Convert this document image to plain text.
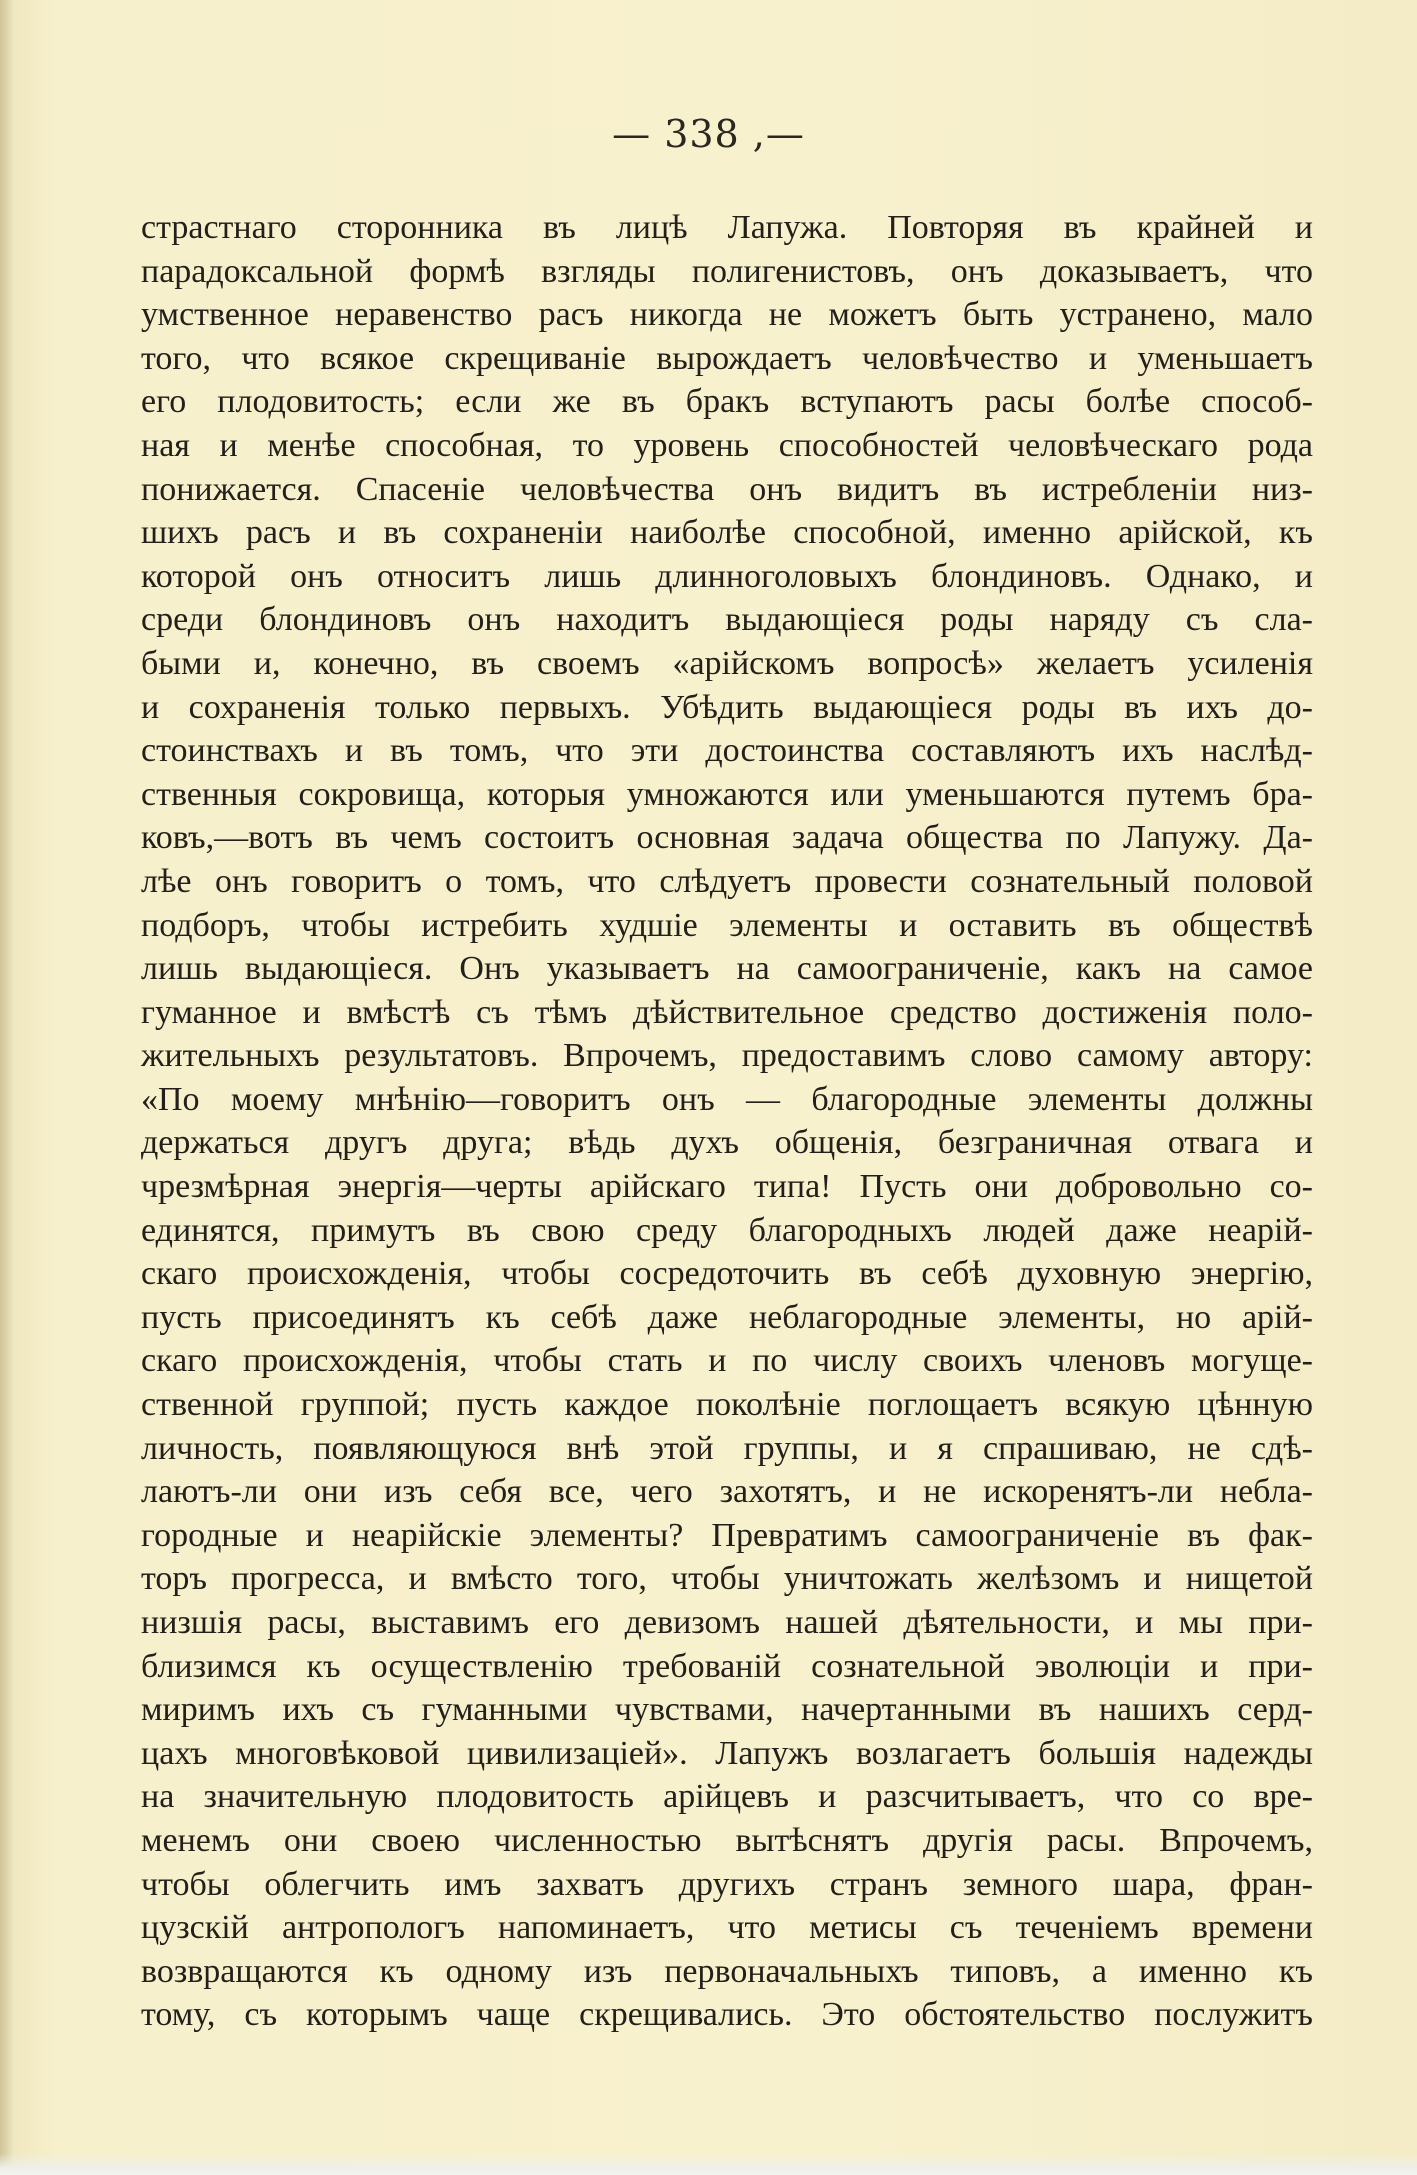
— 338 ,—
страстнаго сторонника въ лицѣ Лапужа. Повторяя въ крайней и
парадоксальной формѣ взгляды полигенистовъ, онъ доказываетъ, что
умственное неравенство расъ никогда не можетъ быть устранено, мало
того, что всякое скрещиваніе вырождаетъ человѣчество и уменьшаетъ
его плодовитость; если же въ бракъ вступаютъ расы болѣе способ-
ная и менѣе способная, то уровень способностей человѣческаго рода
понижается. Спасеніе человѣчества онъ видитъ въ истребленіи низ-
шихъ расъ и въ сохраненіи наиболѣе способной, именно арійской, къ
которой онъ относитъ лишь длинноголовыхъ блондиновъ. Однако, и
среди блондиновъ онъ находитъ выдающіеся роды наряду съ сла-
быми и, конечно, въ своемъ «арійскомъ вопросѣ» желаетъ усиленія
и сохраненія только первыхъ. Убѣдить выдающіеся роды въ ихъ до-
стоинствахъ и въ томъ, что эти достоинства составляютъ ихъ наслѣд-
ственныя сокровища, которыя умножаются или уменьшаются путемъ бра-
ковъ,—вотъ въ чемъ состоитъ основная задача общества по Лапужу. Да-
лѣе онъ говоритъ о томъ, что слѣдуетъ провести сознательный половой
подборъ, чтобы истребить худшіе элементы и оставить въ обществѣ
лишь выдающіеся. Онъ указываетъ на самоограниченіе, какъ на самое
гуманное и вмѣстѣ съ тѣмъ дѣйствительное средство достиженія поло-
жительныхъ результатовъ. Впрочемъ, предоставимъ слово самому автору:
«По моему мнѣнію—говоритъ онъ — благородные элементы должны
держаться другъ друга; вѣдь духъ общенія, безграничная отвага и
чрезмѣрная энергія—черты арійскаго типа! Пусть они добровольно со-
единятся, примутъ въ свою среду благородныхъ людей даже неарій-
скаго происхожденія, чтобы сосредоточить въ себѣ духовную энергію,
пусть присоединятъ къ себѣ даже неблагородные элементы, но арій-
скаго происхожденія, чтобы стать и по числу своихъ членовъ могуще-
ственной группой; пусть каждое поколѣніе поглощаетъ всякую цѣнную
личность, появляющуюся внѣ этой группы, и я спрашиваю, не сдѣ-
лаютъ-ли они изъ себя все, чего захотятъ, и не искоренятъ-ли небла-
городные и неарійскіе элементы? Превратимъ самоограниченіе въ фак-
торъ прогресса, и вмѣсто того, чтобы уничтожать желѣзомъ и нищетой
низшія расы, выставимъ его девизомъ нашей дѣятельности, и мы при-
близимся къ осуществленію требованій сознательной эволюціи и при-
миримъ ихъ съ гуманными чувствами, начертанными въ нашихъ серд-
цахъ многовѣковой цивилизаціей». Лапужъ возлагаетъ большія надежды
на значительную плодовитость арійцевъ и разсчитываетъ, что со вре-
менемъ они своею численностью вытѣснятъ другія расы. Впрочемъ,
чтобы облегчить имъ захватъ другихъ странъ земного шара, фран-
цузскій антропологъ напоминаетъ, что метисы съ теченіемъ времени
возвращаются къ одному изъ первоначальныхъ типовъ, а именно къ
тому, съ которымъ чаще скрещивались. Это обстоятельство послужитъ
